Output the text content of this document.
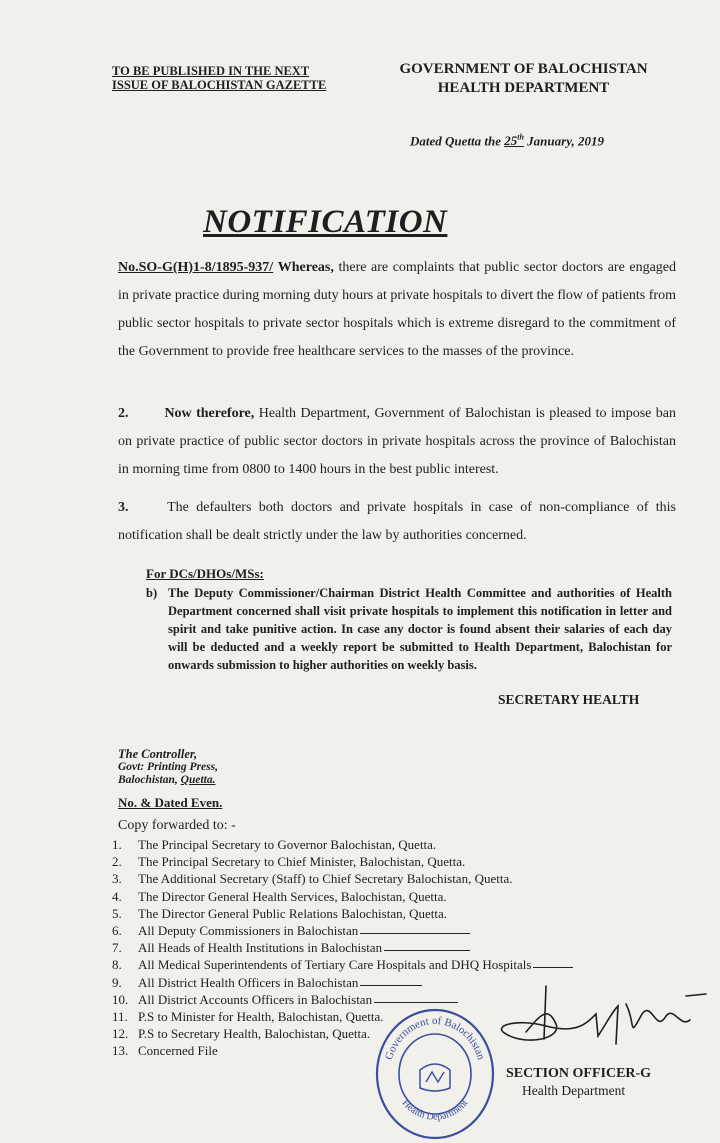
TO BE PUBLISHED IN THE NEXT
ISSUE OF BALOCHISTAN GAZETTE
GOVERNMENT OF BALOCHISTAN
HEALTH DEPARTMENT
Dated Quetta the 25th January, 2019
NOTIFICATION
No.SO-G(H)1-8/1895-937/ Whereas, there are complaints that public sector doctors are engaged in private practice during morning duty hours at private hospitals to divert the flow of patients from public sector hospitals to private sector hospitals which is extreme disregard to the commitment of the Government to provide free healthcare services to the masses of the province.
2.	Now therefore, Health Department, Government of Balochistan is pleased to impose ban on private practice of public sector doctors in private hospitals across the province of Balochistan in morning time from 0800 to 1400 hours in the best public interest.
3.	The defaulters both doctors and private hospitals in case of non-compliance of this notification shall be dealt strictly under the law by authorities concerned.
For DCs/DHOs/MSs:
b) The Deputy Commissioner/Chairman District Health Committee and authorities of Health Department concerned shall visit private hospitals to implement this notification in letter and spirit and take punitive action. In case any doctor is found absent their salaries of each day will be deducted and a weekly report be submitted to Health Department, Balochistan for onwards submission to higher authorities on weekly basis.
SECRETARY HEALTH
The Controller,
Govt: Printing Press,
Balochistan, Quetta.
No. & Dated Even.
Copy forwarded to: -
1.	The Principal Secretary to Governor Balochistan, Quetta.
2.	The Principal Secretary to Chief Minister, Balochistan, Quetta.
3.	The Additional Secretary (Staff) to Chief Secretary Balochistan, Quetta.
4.	The Director General Health Services, Balochistan, Quetta.
5.	The Director General Public Relations Balochistan, Quetta.
6.	All Deputy Commissioners in Balochistan
7.	All Heads of Health Institutions in Balochistan
8.	All Medical Superintendents of Tertiary Care Hospitals and DHQ Hospitals
9.	All District Health Officers in Balochistan
10. All District Accounts Officers in Balochistan
11. P.S to Minister for Health, Balochistan, Quetta.
12. P.S to Secretary Health, Balochistan, Quetta.
13. Concerned File	Government of Balochistan
Health Department
SECTION OFFICER-G
Health Department
